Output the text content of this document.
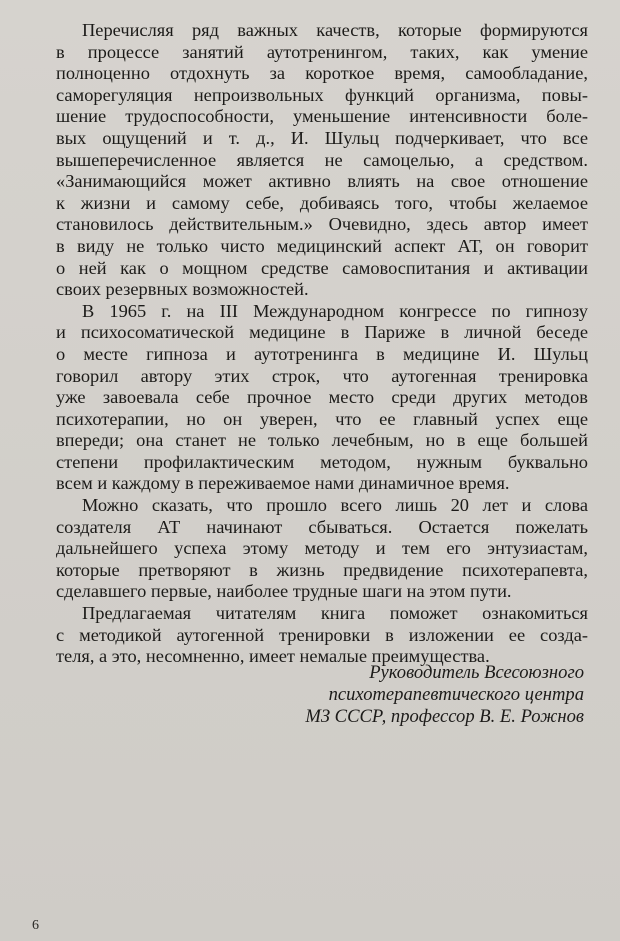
Перечисляя ряд важных качеств, которые формируются
в процессе занятий аутотренингом, таких, как умение
полноценно отдохнуть за короткое время, самообладание,
саморегуляция непроизвольных функций организма, повы-
шение трудоспособности, уменьшение интенсивности боле-
вых ощущений и т. д., И. Шульц подчеркивает, что все
вышеперечисленное является не самоцелью, а средством.
«Занимающийся может активно влиять на свое отношение
к жизни и самому себе, добиваясь того, чтобы желаемое
становилось действительным.» Очевидно, здесь автор имеет
в виду не только чисто медицинский аспект АТ, он говорит
о ней как о мощном средстве самовоспитания и активации
своих резервных возможностей.

В 1965 г. на III Международном конгрессе по гипнозу
и психосоматической медицине в Париже в личной беседе
о месте гипноза и аутотренинга в медицине И. Шульц
говорил автору этих строк, что аутогенная тренировка
уже завоевала себе прочное место среди других методов
психотерапии, но он уверен, что ее главный успех еще
впереди; она станет не только лечебным, но в еще большей
степени профилактическим методом, нужным буквально
всем и каждому в переживаемое нами динамичное время.

Можно сказать, что прошло всего лишь 20 лет и слова
создателя АТ начинают сбываться. Остается пожелать
дальнейшего успеха этому методу и тем его энтузиастам,
которые претворяют в жизнь предвидение психотерапевта,
сделавшего первые, наиболее трудные шаги на этом пути.

Предлагаемая читателям книга поможет ознакомиться
с методикой аутогенной тренировки в изложении ее созда-
теля, а это, несомненно, имеет немалые преимущества.

Руководитель Всесоюзного
психотерапевтического центра
МЗ СССР, профессор В. Е. Рожнов
6
